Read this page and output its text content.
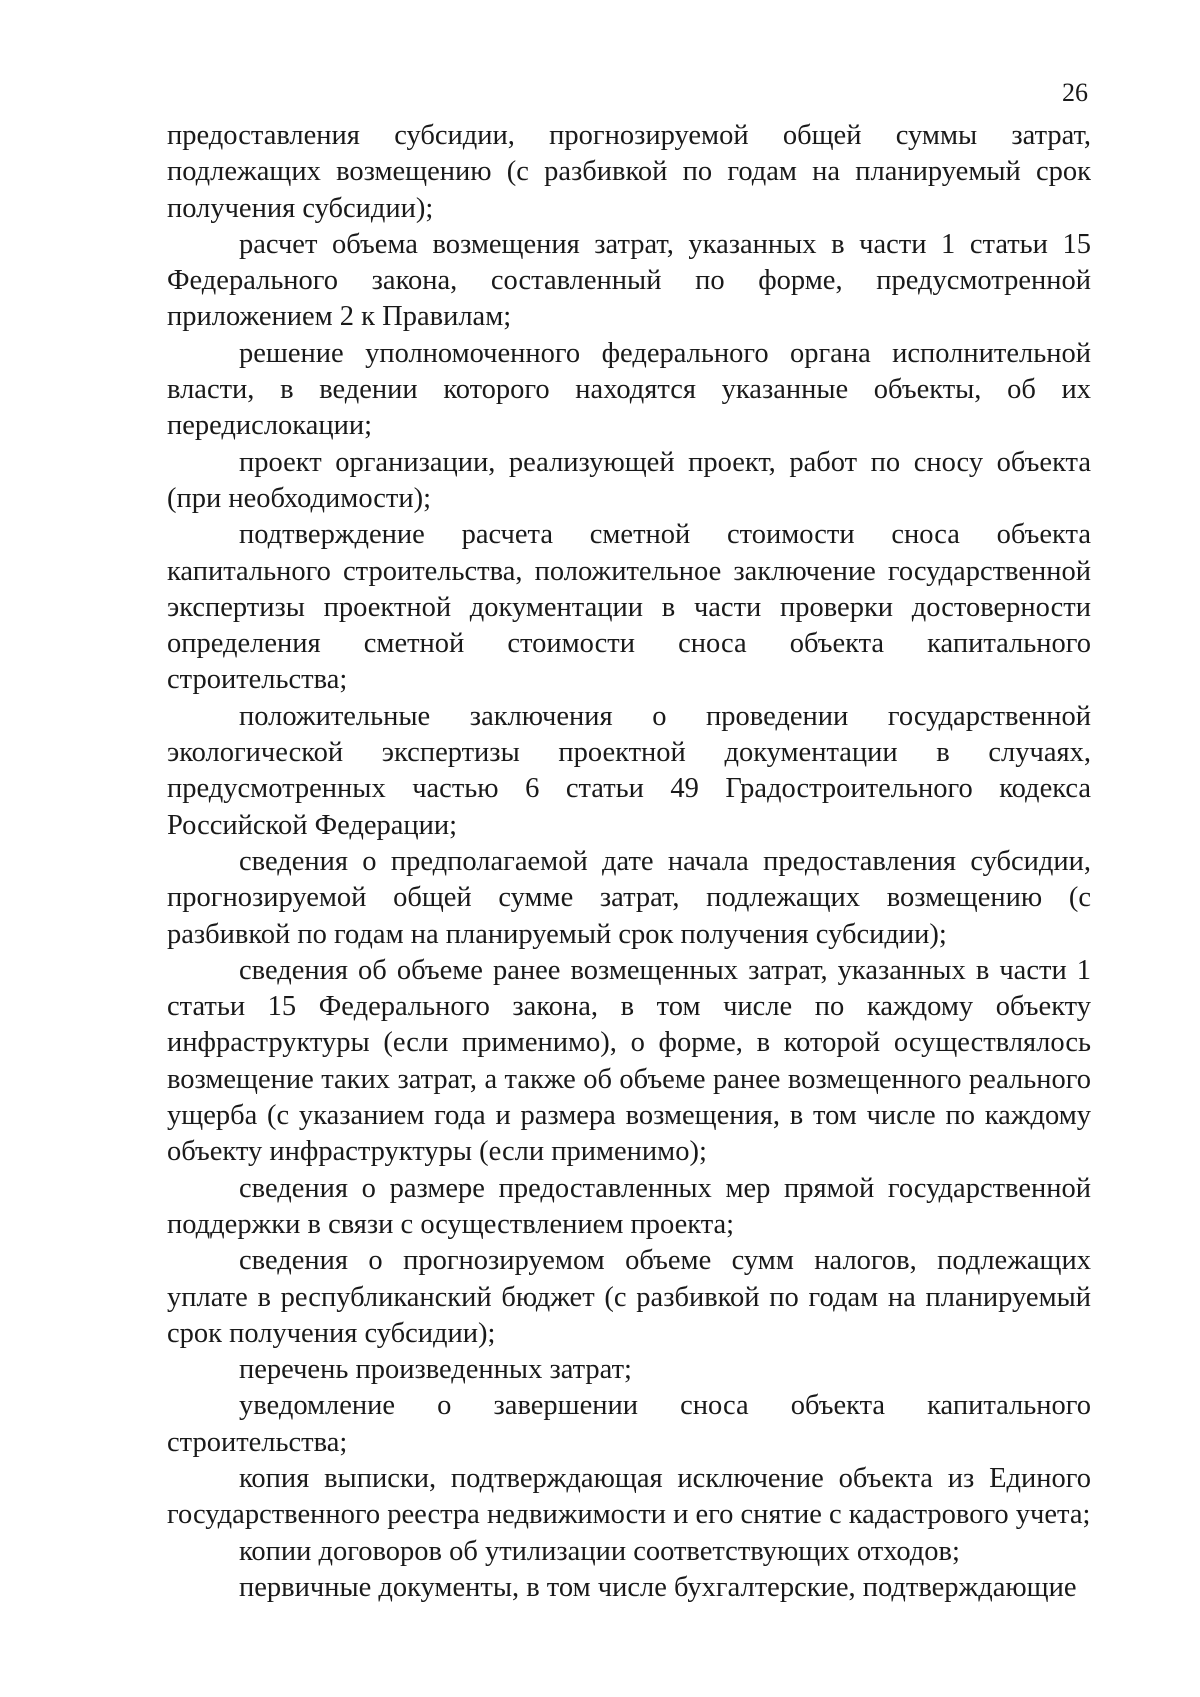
26

предоставления субсидии, прогнозируемой общей суммы затрат, подлежащих возмещению (с разбивкой по годам на планируемый срок получения субсидии);

расчет объема возмещения затрат, указанных в части 1 статьи 15 Федерального закона, составленный по форме, предусмотренной приложением 2 к Правилам;

решение уполномоченного федерального органа исполнительной власти, в ведении которого находятся указанные объекты, об их передислокации;

проект организации, реализующей проект, работ по сносу объекта (при необходимости);

подтверждение расчета сметной стоимости сноса объекта капитального строительства, положительное заключение государственной экспертизы проектной документации в части проверки достоверности определения сметной стоимости сноса объекта капитального строительства;

положительные заключения о проведении государственной экологической экспертизы проектной документации в случаях, предусмотренных частью 6 статьи 49 Градостроительного кодекса Российской Федерации;

сведения о предполагаемой дате начала предоставления субсидии, прогнозируемой общей сумме затрат, подлежащих возмещению (с разбивкой по годам на планируемый срок получения субсидии);

сведения об объеме ранее возмещенных затрат, указанных в части 1 статьи 15 Федерального закона, в том числе по каждому объекту инфраструктуры (если применимо), о форме, в которой осуществлялось возмещение таких затрат, а также об объеме ранее возмещенного реального ущерба (с указанием года и размера возмещения, в том числе по каждому объекту инфраструктуры (если применимо);

сведения о размере предоставленных мер прямой государственной поддержки в связи с осуществлением проекта;

сведения о прогнозируемом объеме сумм налогов, подлежащих уплате в республиканский бюджет (с разбивкой по годам на планируемый срок получения субсидии);

перечень произведенных затрат;

уведомление о завершении сноса объекта капитального строительства;

копия выписки, подтверждающая исключение объекта из Единого государственного реестра недвижимости и его снятие с кадастрового учета;

копии договоров об утилизации соответствующих отходов;

первичные документы, в том числе бухгалтерские, подтверждающие
